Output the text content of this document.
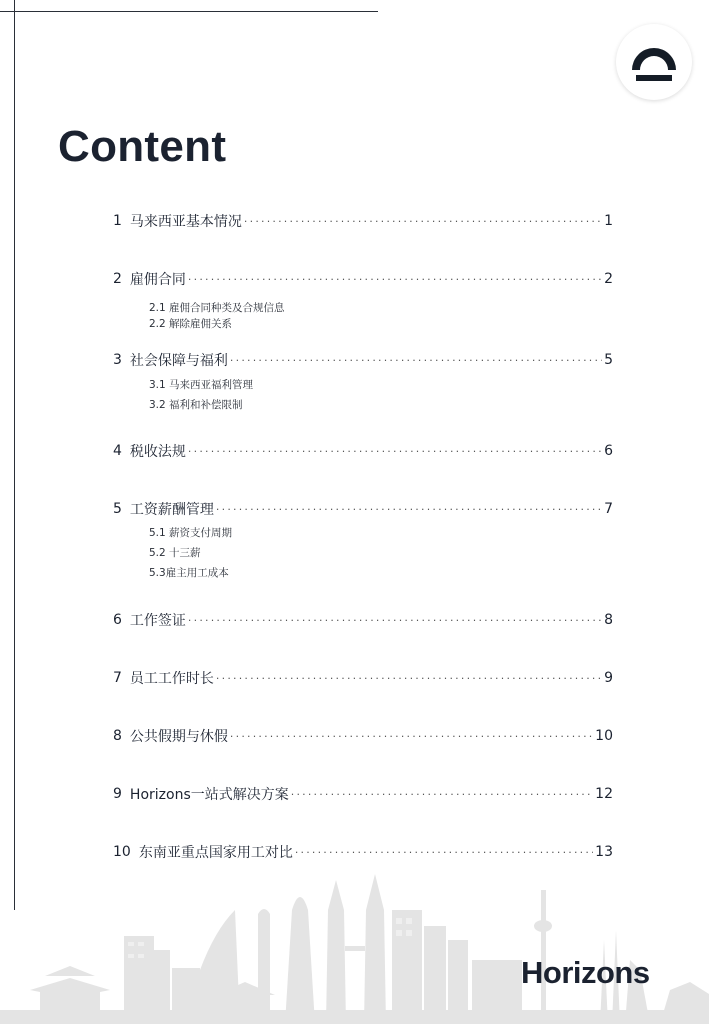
Content
1 马来西亚基本情况 ·····	1
2 雇佣合同 ·····	2
2.1 雇佣合同种类及合规信息
2.2 解除雇佣关系
3 社会保障与福利 ·····	5
3.1 马来西亚福利管理
3.2 福利和补偿限制
4 税收法规 ·····	6
5 工资薪酬管理 ·····	7
5.1 薪资支付周期
5.2 十三薪
5.3雇主用工成本
6 工作签证 ·····	8
7 员工工作时长 ·····	9
8 公共假期与休假 ·····	10
9 Horizons一站式解决方案 ·····	12
10 东南亚重点国家用工对比 ·····	13
Horizons
